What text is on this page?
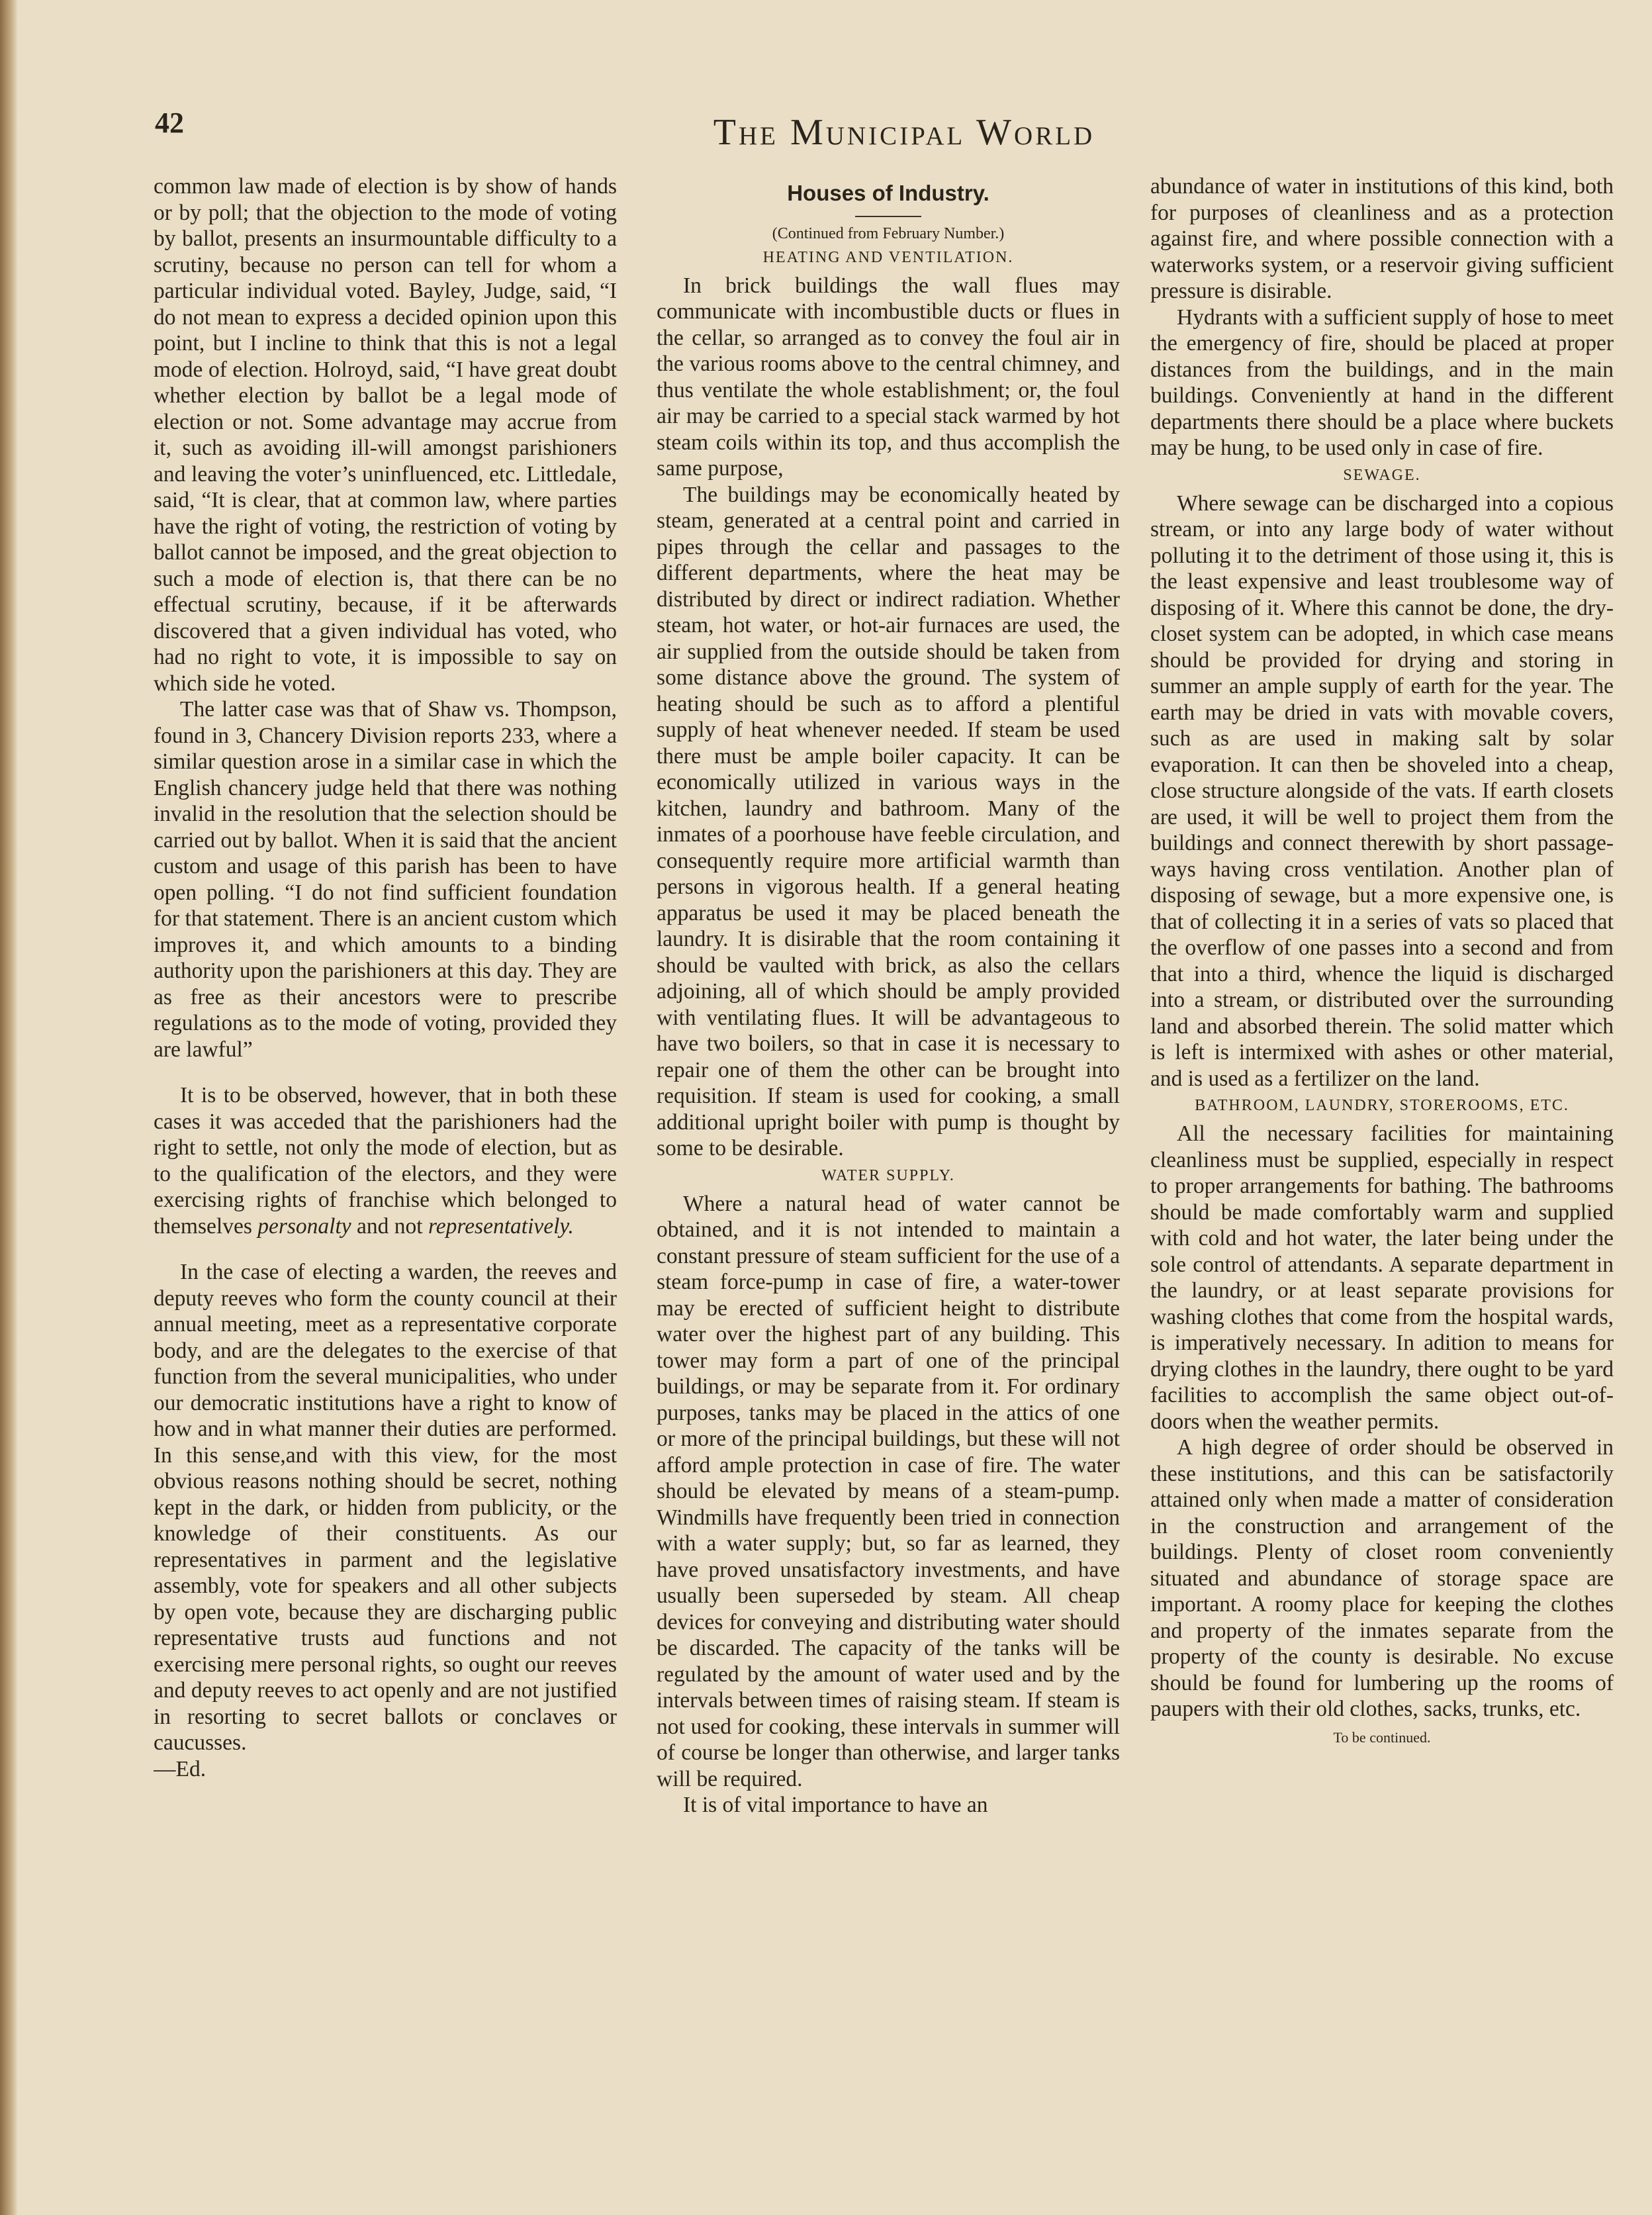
42	The Municipal World

common law made of election is by show of hands or by poll; that the objection to the mode of voting by ballot, presents an insurmountable difficulty to a scrutiny, because no person can tell for whom a particular individual voted. Bayley, Judge, said, “I do not mean to express a decided opinion upon this point, but I incline to think that this is not a legal mode of election. Holroyd, said, “I have great doubt whether election by ballot be a legal mode of election or not. Some advantage may accrue from it, such as avoiding ill-will amongst parishioners and leaving the voter’s uninfluenced, etc. Littledale, said, “It is clear, that at common law, where parties have the right of voting, the restriction of voting by ballot cannot be imposed, and the great objection to such a mode of election is, that there can be no effectual scrutiny, because, if it be afterwards discovered that a given individual has voted, who had no right to vote, it is impossible to say on which side he voted.

The latter case was that of Shaw vs. Thompson, found in 3, Chancery Division reports 233, where a similar question arose in a similar case in which the English chancery judge held that there was nothing invalid in the resolution that the selection should be carried out by ballot. When it is said that the ancient custom and usage of this parish has been to have open polling. “I do not find sufficient foundation for that statement. There is an ancient custom which improves it, and which amounts to a binding authority upon the parishioners at this day. They are as free as their ancestors were to prescribe regulations as to the mode of voting, provided they are lawful”

It is to be observed, however, that in both these cases it was acceded that the parishioners had the right to settle, not only the mode of election, but as to the qualification of the electors, and they were exercising rights of franchise which belonged to themselves personalty and not representatively.

In the case of electing a warden, the reeves and deputy reeves who form the county council at their annual meeting, meet as a representative corporate body, and are the delegates to the exercise of that function from the several municipalities, who under our democratic institutions have a right to know of how and in what manner their duties are performed. In this sense,and with this view, for the most obvious reasons nothing should be secret, nothing kept in the dark, or hidden from publicity, or the knowledge of their constituents. As our representatives in parment and the legislative assembly, vote for speakers and all other subjects by open vote, because they are discharging public representative trusts aud functions and not exercising mere personal rights, so ought our reeves and deputy reeves to act openly and are not justified in resorting to secret ballots or conclaves or caucusses.

—Ed.

Houses of Industry.
(Continued from February Number.)
HEATING AND VENTILATION.

In brick buildings the wall flues may communicate with incombustible ducts or flues in the cellar, so arranged as to convey the foul air in the various rooms above to the central chimney, and thus ventilate the whole establishment; or, the foul air may be carried to a special stack warmed by hot steam coils within its top, and thus accomplish the same purpose,

The buildings may be economically heated by steam, generated at a central point and carried in pipes through the cellar and passages to the different departments, where the heat may be distributed by direct or indirect radiation. Whether steam, hot water, or hot-air furnaces are used, the air supplied from the outside should be taken from some distance above the ground. The system of heating should be such as to afford a plentiful supply of heat whenever needed. If steam be used there must be ample boiler capacity. It can be economically utilized in various ways in the kitchen, laundry and bathroom. Many of the inmates of a poorhouse have feeble circulation, and consequently require more artificial warmth than persons in vigorous health. If a general heating apparatus be used it may be placed beneath the laundry. It is disirable that the room containing it should be vaulted with brick, as also the cellars adjoining, all of which should be amply provided with ventilating flues. It will be advantageous to have two boilers, so that in case it is necessary to repair one of them the other can be brought into requisition. If steam is used for cooking, a small additional upright boiler with pump is thought by some to be desirable.

WATER SUPPLY.

Where a natural head of water cannot be obtained, and it is not intended to maintain a constant pressure of steam sufficient for the use of a steam force-pump in case of fire, a water-tower may be erected of sufficient height to distribute water over the highest part of any building. This tower may form a part of one of the principal buildings, or may be separate from it. For ordinary purposes, tanks may be placed in the attics of one or more of the principal buildings, but these will not afford ample protection in case of fire. The water should be elevated by means of a steam-pump. Windmills have frequently been tried in connection with a water supply; but, so far as learned, they have proved unsatisfactory investments, and have usually been superseded by steam. All cheap devices for conveying and distributing water should be discarded. The capacity of the tanks will be regulated by the amount of water used and by the intervals between times of raising steam. If steam is not used for cooking, these intervals in summer will of course be longer than otherwise, and larger tanks will be required.

It is of vital importance to have an

abundance of water in institutions of this kind, both for purposes of cleanliness and as a protection against fire, and where possible connection with a waterworks system, or a reservoir giving sufficient pressure is disirable.

Hydrants with a sufficient supply of hose to meet the emergency of fire, should be placed at proper distances from the buildings, and in the main buildings. Conveniently at hand in the different departments there should be a place where buckets may be hung, to be used only in case of fire.

SEWAGE.

Where sewage can be discharged into a copious stream, or into any large body of water without polluting it to the detriment of those using it, this is the least expensive and least troublesome way of disposing of it. Where this cannot be done, the dry-closet system can be adopted, in which case means should be provided for drying and storing in summer an ample supply of earth for the year. The earth may be dried in vats with movable covers, such as are used in making salt by solar evaporation. It can then be shoveled into a cheap, close structure alongside of the vats. If earth closets are used, it will be well to project them from the buildings and connect therewith by short passage-ways having cross ventilation. Another plan of disposing of sewage, but a more expensive one, is that of collecting it in a series of vats so placed that the overflow of one passes into a second and from that into a third, whence the liquid is discharged into a stream, or distributed over the surrounding land and absorbed therein. The solid matter which is left is intermixed with ashes or other material, and is used as a fertilizer on the land.

BATHROOM, LAUNDRY, STOREROOMS, ETC.

All the necessary facilities for maintaining cleanliness must be supplied, especially in respect to proper arrangements for bathing. The bathrooms should be made comfortably warm and supplied with cold and hot water, the later being under the sole control of attendants. A separate department in the laundry, or at least separate provisions for washing clothes that come from the hospital wards, is imperatively necessary. In adition to means for drying clothes in the laundry, there ought to be yard facilities to accomplish the same object out-of-doors when the weather permits.

A high degree of order should be observed in these institutions, and this can be satisfactorily attained only when made a matter of consideration in the construction and arrangement of the buildings. Plenty of closet room conveniently situated and abundance of storage space are important. A roomy place for keeping the clothes and property of the inmates separate from the property of the county is desirable. No excuse should be found for lumbering up the rooms of paupers with their old clothes, sacks, trunks, etc.

To be continued.
